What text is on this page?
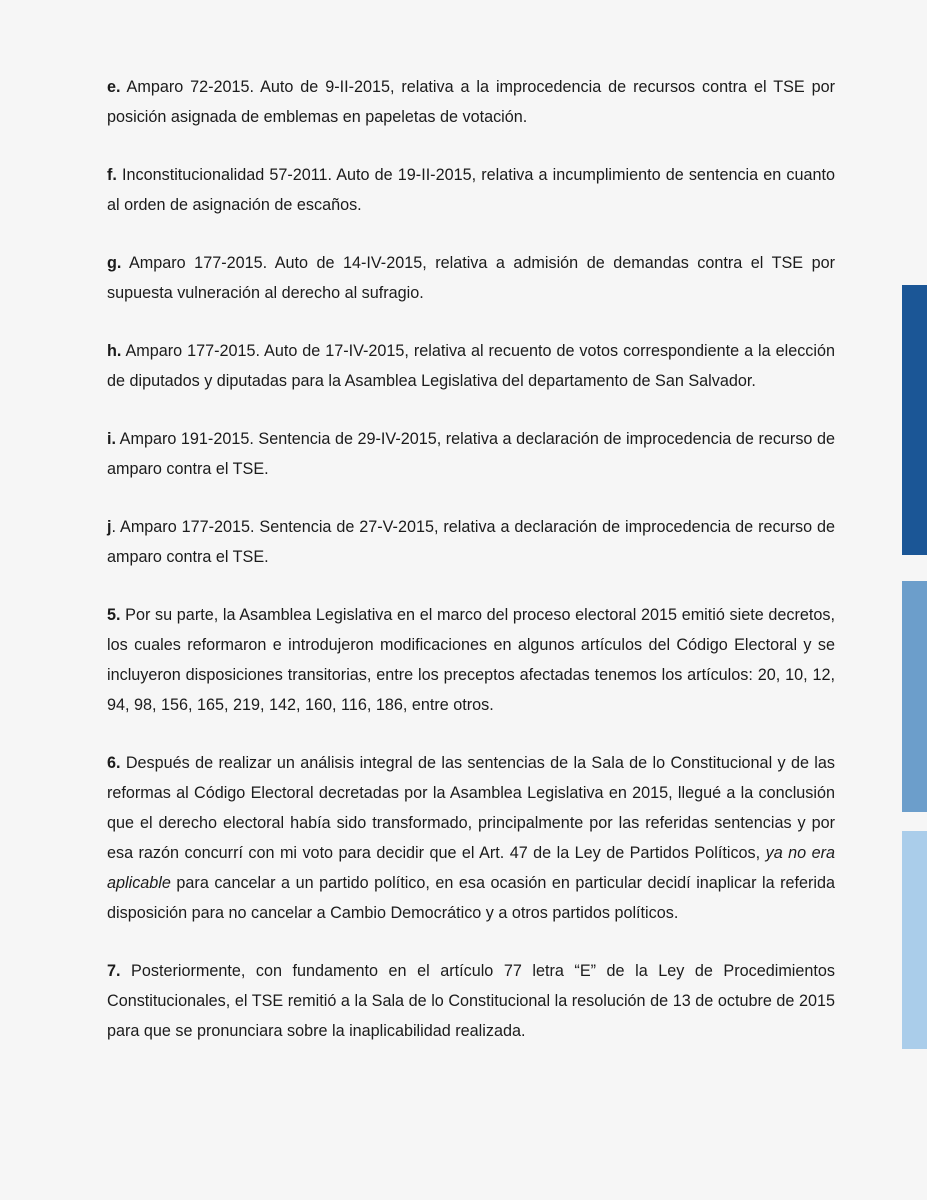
e. Amparo 72-2015. Auto de 9-II-2015, relativa a la improcedencia de recursos contra el TSE por posición asignada de emblemas en papeletas de votación.

f. Inconstitucionalidad 57-2011. Auto de 19-II-2015, relativa a incumplimiento de sentencia en cuanto al orden de asignación de escaños.

g. Amparo 177-2015. Auto de 14-IV-2015, relativa a admisión de demandas contra el TSE por supuesta vulneración al derecho al sufragio.

h. Amparo 177-2015. Auto de 17-IV-2015, relativa al recuento de votos correspondiente a la elección de diputados y diputadas para la Asamblea Legislativa del departamento de San Salvador.

i. Amparo 191-2015. Sentencia de 29-IV-2015, relativa a declaración de improcedencia de recurso de amparo contra el TSE.

j. Amparo 177-2015. Sentencia de 27-V-2015, relativa a declaración de improcedencia de recurso de amparo contra el TSE.

5. Por su parte, la Asamblea Legislativa en el marco del proceso electoral 2015 emitió siete decretos, los cuales reformaron e introdujeron modificaciones en algunos artículos del Código Electoral y se incluyeron disposiciones transitorias, entre los preceptos afectadas tenemos los artículos: 20, 10, 12, 94, 98, 156, 165, 219, 142, 160, 116, 186, entre otros.

6. Después de realizar un análisis integral de las sentencias de la Sala de lo Constitucional y de las reformas al Código Electoral decretadas por la Asamblea Legislativa en 2015, llegué a la conclusión que el derecho electoral había sido transformado, principalmente por las referidas sentencias y por esa razón concurrí con mi voto para decidir que el Art. 47 de la Ley de Partidos Políticos, ya no era aplicable para cancelar a un partido político, en esa ocasión en particular decidí inaplicar la referida disposición para no cancelar a Cambio Democrático y a otros partidos políticos.

7. Posteriormente, con fundamento en el artículo 77 letra “E” de la Ley de Procedimientos Constitucionales, el TSE remitió a la Sala de lo Constitucional la resolución de 13 de octubre de 2015 para que se pronunciara sobre la inaplicabilidad realizada.
